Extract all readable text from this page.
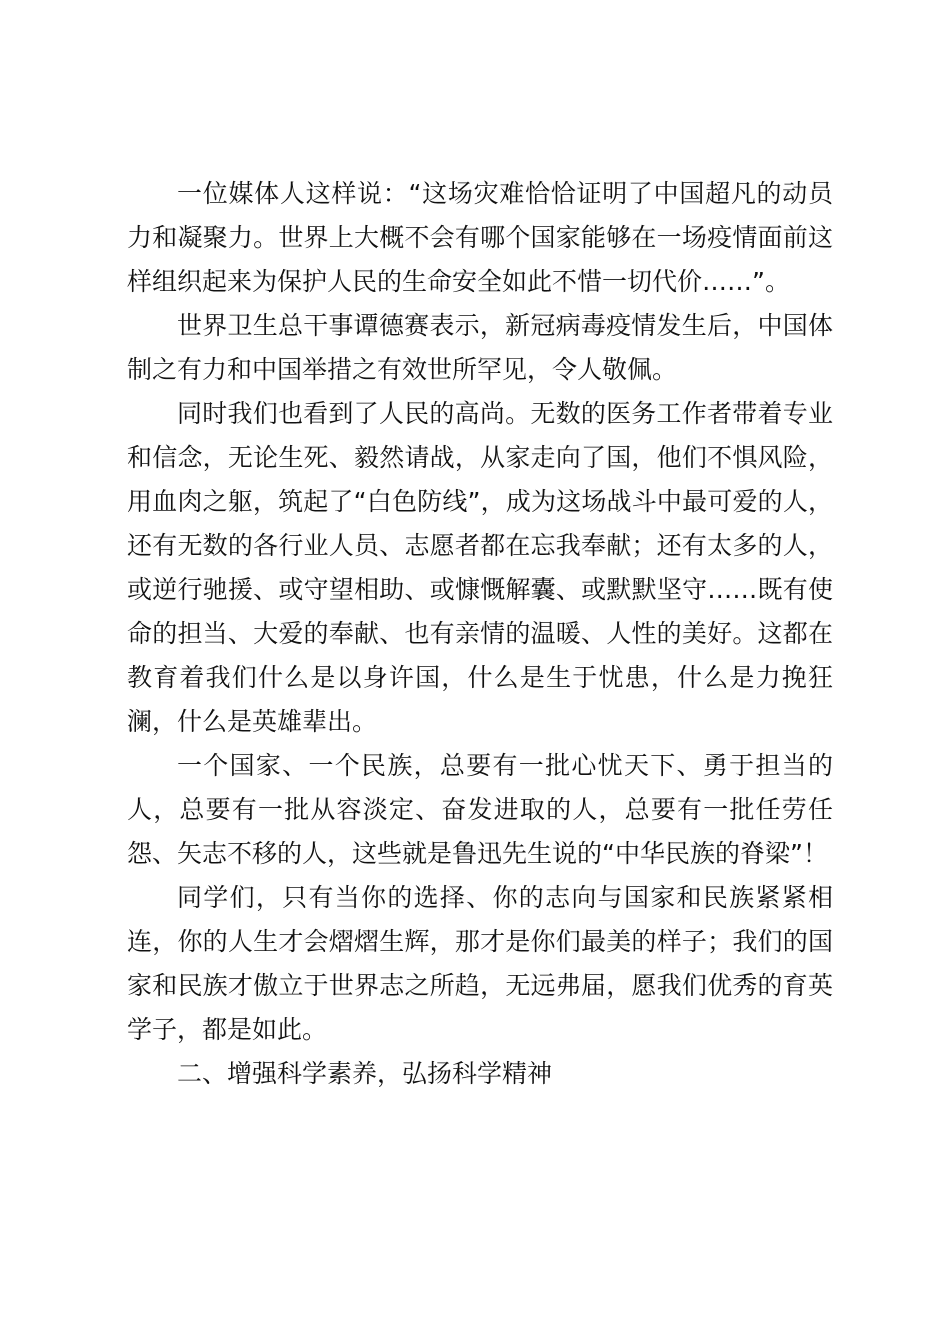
一位媒体人这样说：“这场灾难恰恰证明了中国超凡的动员力和凝聚力。世界上大概不会有哪个国家能够在一场疫情面前这样组织起来为保护人民的生命安全如此不惜一切代价……”。

世界卫生总干事谭德赛表示，新冠病毒疫情发生后，中国体制之有力和中国举措之有效世所罕见，令人敬佩。

同时我们也看到了人民的高尚。无数的医务工作者带着专业和信念，无论生死、毅然请战，从家走向了国，他们不惧风险，用血肉之躯，筑起了“白色防线”，成为这场战斗中最可爱的人，还有无数的各行业人员、志愿者都在忘我奉献；还有太多的人，或逆行驰援、或守望相助、或慷慨解囊、或默默坚守……既有使命的担当、大爱的奉献、也有亲情的温暖、人性的美好。这都在教育着我们什么是以身许国，什么是生于忧患，什么是力挽狂澜，什么是英雄辈出。

一个国家、一个民族，总要有一批心忧天下、勇于担当的人，总要有一批从容淡定、奋发进取的人，总要有一批任劳任怨、矢志不移的人，这些就是鲁迅先生说的“中华民族的脊梁”！

同学们，只有当你的选择、你的志向与国家和民族紧紧相连，你的人生才会熠熠生辉，那才是你们最美的样子；我们的国家和民族才傲立于世界志之所趋，无远弗届，愿我们优秀的育英学子，都是如此。

二、增强科学素养，弘扬科学精神
